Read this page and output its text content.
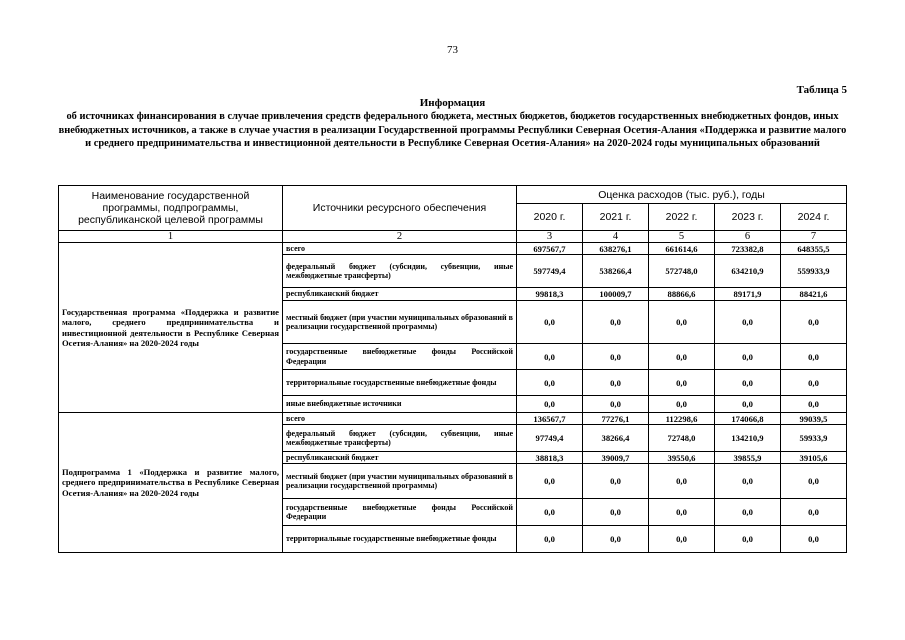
73
Таблица 5
Информация
об источниках финансирования в случае привлечения средств федерального бюджета, местных бюджетов, бюджетов государственных внебюджетных фондов, иных внебюджетных источников, а также в случае участия в реализации Государственной программы Республики Северная Осетия-Алания «Поддержка и развитие малого и среднего предпринимательства и инвестиционной деятельности в Республике Северная Осетия-Алания» на 2020-2024 годы муниципальных образований
Наименование государственной программы, подпрограммы, республиканской целевой программы	Источники ресурсного обеспечения	Оценка расходов (тыс. руб.), годы				
		2020 г.	2021 г.	2022 г.	2023 г.	2024 г.
1	2	3	4	5	6	7
Государственная программа «Поддержка и развитие малого, среднего предпринимательства и инвестиционной деятельности в Республике Северная Осетия-Алания» на 2020-2024 годы	всего	697567,7	638276,1	661614,6	723382,8	648355,5
	федеральный бюджет (субсидии, субвенции, иные межбюджетные трансферты)	597749,4	538266,4	572748,0	634210,9	559933,9
	республиканский бюджет	99818,3	100009,7	88866,6	89171,9	88421,6
	местный бюджет (при участии муниципальных образований в реализации государственной программы)	0,0	0,0	0,0	0,0	0,0
	государственные внебюджетные фонды Российской Федерации	0,0	0,0	0,0	0,0	0,0
	территориальные государственные внебюджетные фонды	0,0	0,0	0,0	0,0	0,0
	иные внебюджетные источники	0,0	0,0	0,0	0,0	0,0
Подпрограмма 1 «Поддержка и развитие малого, среднего предпринимательства в Республике Северная Осетия-Алания» на 2020-2024 годы	всего	136567,7	77276,1	112298,6	174066,8	99039,5
	федеральный бюджет (субсидии, субвенции, иные межбюджетные трансферты)	97749,4	38266,4	72748,0	134210,9	59933,9
	республиканский бюджет	38818,3	39009,7	39550,6	39855,9	39105,6
	местный бюджет (при участии муниципальных образований в реализации государственной программы)	0,0	0,0	0,0	0,0	0,0
	государственные внебюджетные фонды Российской Федерации	0,0	0,0	0,0	0,0	0,0
	территориальные государственные внебюджетные фонды	0,0	0,0	0,0	0,0	0,0
